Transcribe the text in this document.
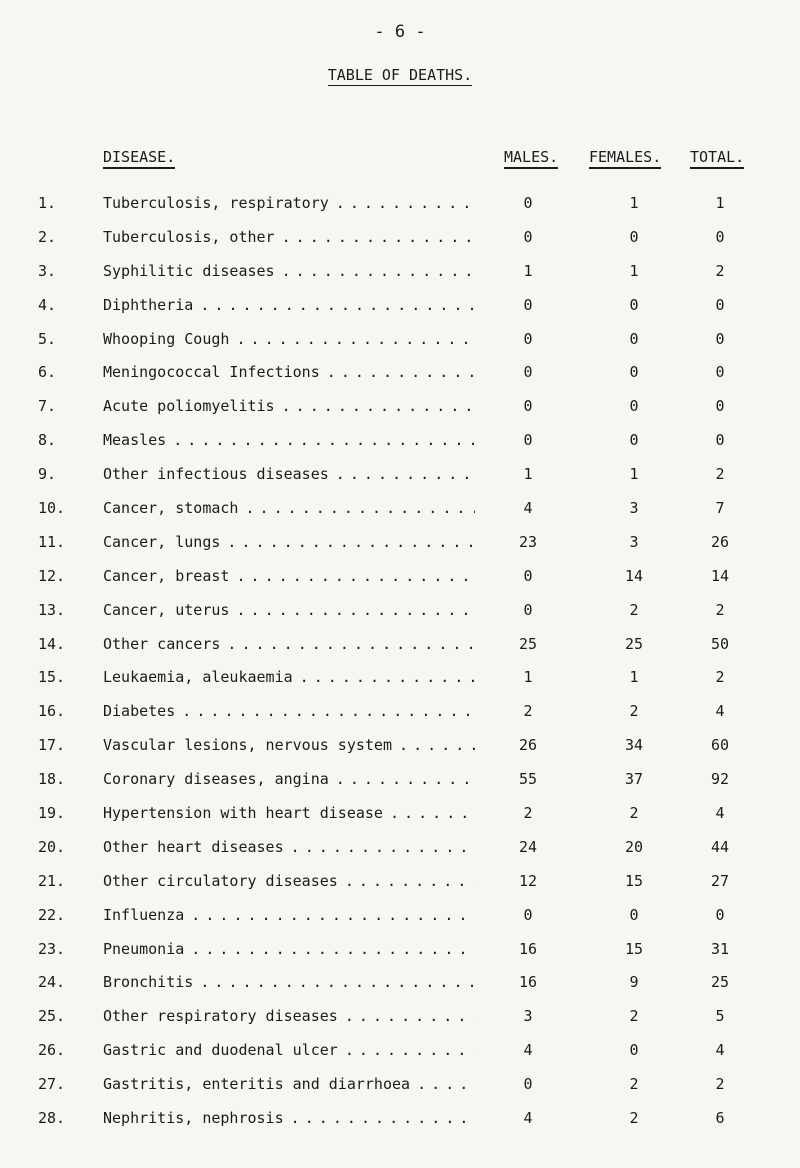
- 6 -
TABLE OF DEATHS.
DISEASE.	MALES. FEMALES. TOTAL.
1.	Tuberculosis, respiratory . . .	0	1	1
2.	Tuberculosis, other . . .	0	0	0
3.	Syphilitic diseases . . .	1	1	2
4.	Diphtheria . . .	0	0	0
5.	Whooping Cough . . .	0	0	0
6.	Meningococcal Infections . . .	0	0	0
7.	Acute poliomyelitis . . .	0	0	0
8.	Measles . . .	0	0	0
9.	Other infectious diseases . . .	1	1	2
10.	Cancer, stomach . . .	4	3	7
11.	Cancer, lungs . . .	23	3	26
12.	Cancer, breast . . .	0	14	14
13.	Cancer, uterus . . .	0	2	2
14.	Other cancers . . .	25	25	50
15.	Leukaemia, aleukaemia . . .	1	1	2
16.	Diabetes . . .	2	2	4
17.	Vascular lesions, nervous system . . .	26	34	60
18.	Coronary diseases, angina . . .	55	37	92
19.	Hypertension with heart disease . . .	2	2	4
20.	Other heart diseases . . .	24	20	44
21.	Other circulatory diseases . . .	12	15	27
22.	Influenza . . .	0	0	0
23.	Pneumonia . . .	16	15	31
24.	Bronchitis . . .	16	9	25
25.	Other respiratory diseases . . .	3	2	5
26.	Gastric and duodenal ulcer . . .	4	0	4
27.	Gastritis, enteritis and diarrhoea . . .	0	2	2
28.	Nephritis, nephrosis . . .	4	2	6
